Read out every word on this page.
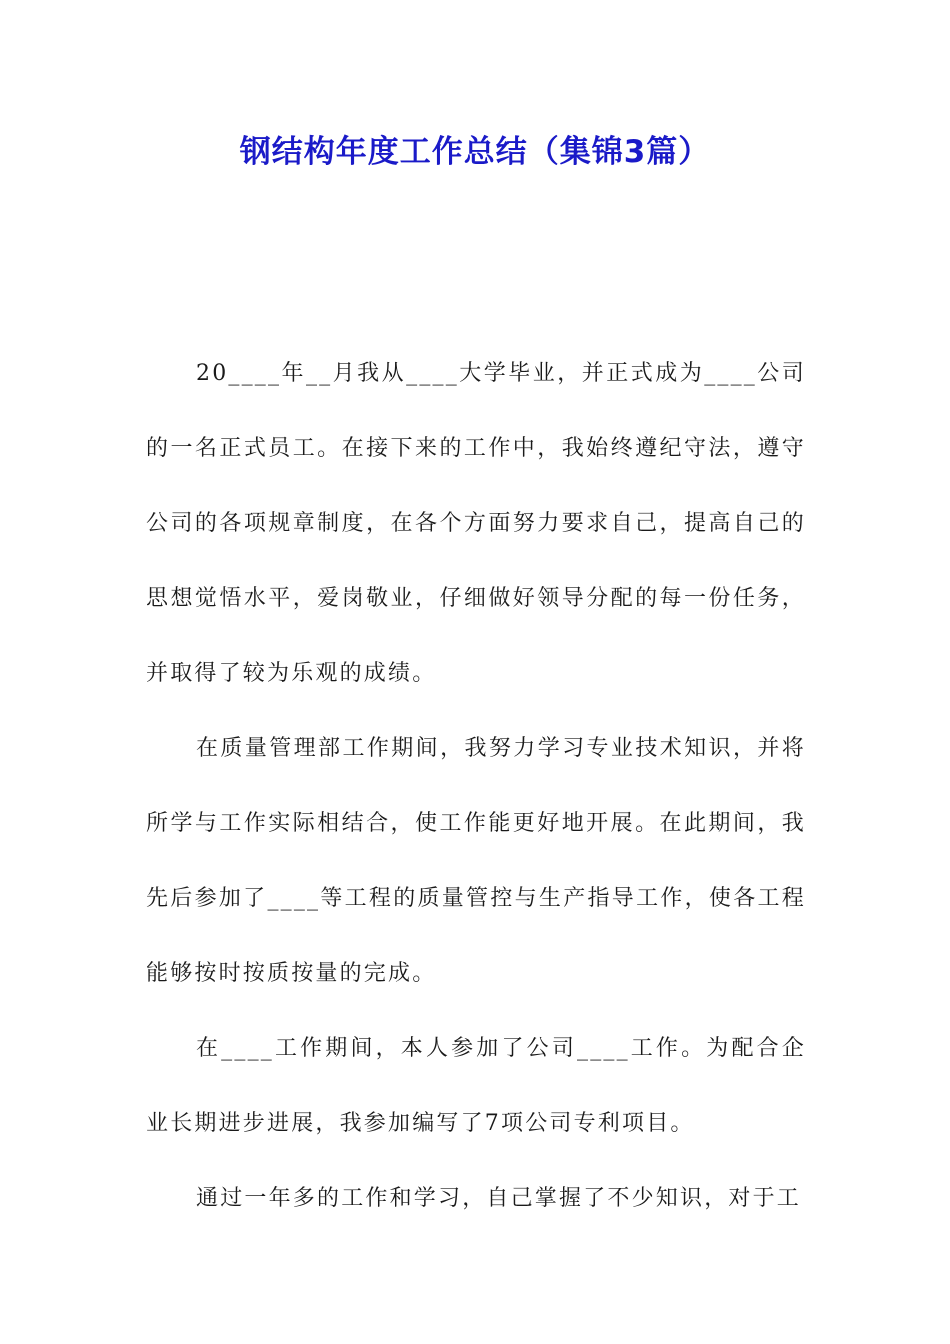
钢结构年度工作总结（集锦3篇）

20____年__月我从____大学毕业，并正式成为____公司的一名正式员工。在接下来的工作中，我始终遵纪守法，遵守公司的各项规章制度，在各个方面努力要求自己，提高自己的思想觉悟水平，爱岗敬业，仔细做好领导分配的每一份任务，并取得了较为乐观的成绩。

在质量管理部工作期间，我努力学习专业技术知识，并将所学与工作实际相结合，使工作能更好地开展。在此期间，我先后参加了____等工程的质量管控与生产指导工作，使各工程能够按时按质按量的完成。

在____工作期间，本人参加了公司____工作。为配合企业长期进步进展，我参加编写了7项公司专利项目。

通过一年多的工作和学习，自己掌握了不少知识，对于工
